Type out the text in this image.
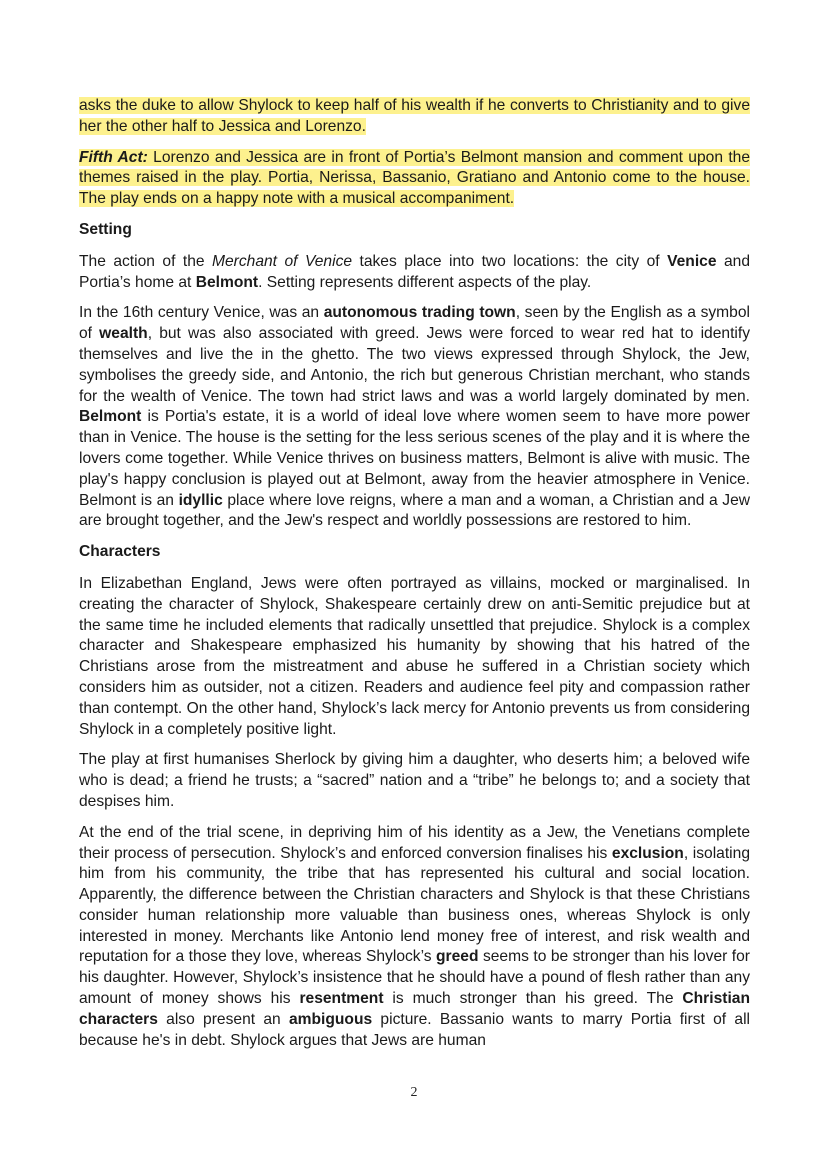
asks the duke to allow Shylock to keep half of his wealth if he converts to Christianity and to give her the other half to Jessica and Lorenzo.

Fifth Act: Lorenzo and Jessica are in front of Portia’s Belmont mansion and comment upon the themes raised in the play. Portia, Nerissa, Bassanio, Gratiano and Antonio come to the house. The play ends on a happy note with a musical accompaniment.

Setting

The action of the Merchant of Venice takes place into two locations: the city of Venice and Portia’s home at Belmont. Setting represents different aspects of the play.

In the 16th century Venice, was an autonomous trading town, seen by the English as a symbol of wealth, but was also associated with greed. Jews were forced to wear red hat to identify themselves and live the in the ghetto. The two views expressed through Shylock, the Jew, symbolises the greedy side, and Antonio, the rich but generous Christian merchant, who stands for the wealth of Venice. The town had strict laws and was a world largely dominated by men. Belmont is Portia's estate, it is a world of ideal love where women seem to have more power than in Venice. The house is the setting for the less serious scenes of the play and it is where the lovers come together. While Venice thrives on business matters, Belmont is alive with music. The play's happy conclusion is played out at Belmont, away from the heavier atmosphere in Venice. Belmont is an idyllic place where love reigns, where a man and a woman, a Christian and a Jew are brought together, and the Jew's respect and worldly possessions are restored to him.

Characters

In Elizabethan England, Jews were often portrayed as villains, mocked or marginalised. In creating the character of Shylock, Shakespeare certainly drew on anti-Semitic prejudice but at the same time he included elements that radically unsettled that prejudice. Shylock is a complex character and Shakespeare emphasized his humanity by showing that his hatred of the Christians arose from the mistreatment and abuse he suffered in a Christian society which considers him as outsider, not a citizen. Readers and audience feel pity and compassion rather than contempt. On the other hand, Shylock’s lack mercy for Antonio prevents us from considering Shylock in a completely positive light.

The play at first humanises Sherlock by giving him a daughter, who deserts him; a beloved wife who is dead; a friend he trusts; a “sacred” nation and a “tribe” he belongs to; and a society that despises him.

At the end of the trial scene, in depriving him of his identity as a Jew, the Venetians complete their process of persecution. Shylock’s and enforced conversion finalises his exclusion, isolating him from his community, the tribe that has represented his cultural and social location. Apparently, the difference between the Christian characters and Shylock is that these Christians consider human relationship more valuable than business ones, whereas Shylock is only interested in money. Merchants like Antonio lend money free of interest, and risk wealth and reputation for a those they love, whereas Shylock’s greed seems to be stronger than his lover for his daughter. However, Shylock’s insistence that he should have a pound of flesh rather than any amount of money shows his resentment is much stronger than his greed. The Christian characters also present an ambiguous picture. Bassanio wants to marry Portia first of all because he's in debt. Shylock argues that Jews are human

2
